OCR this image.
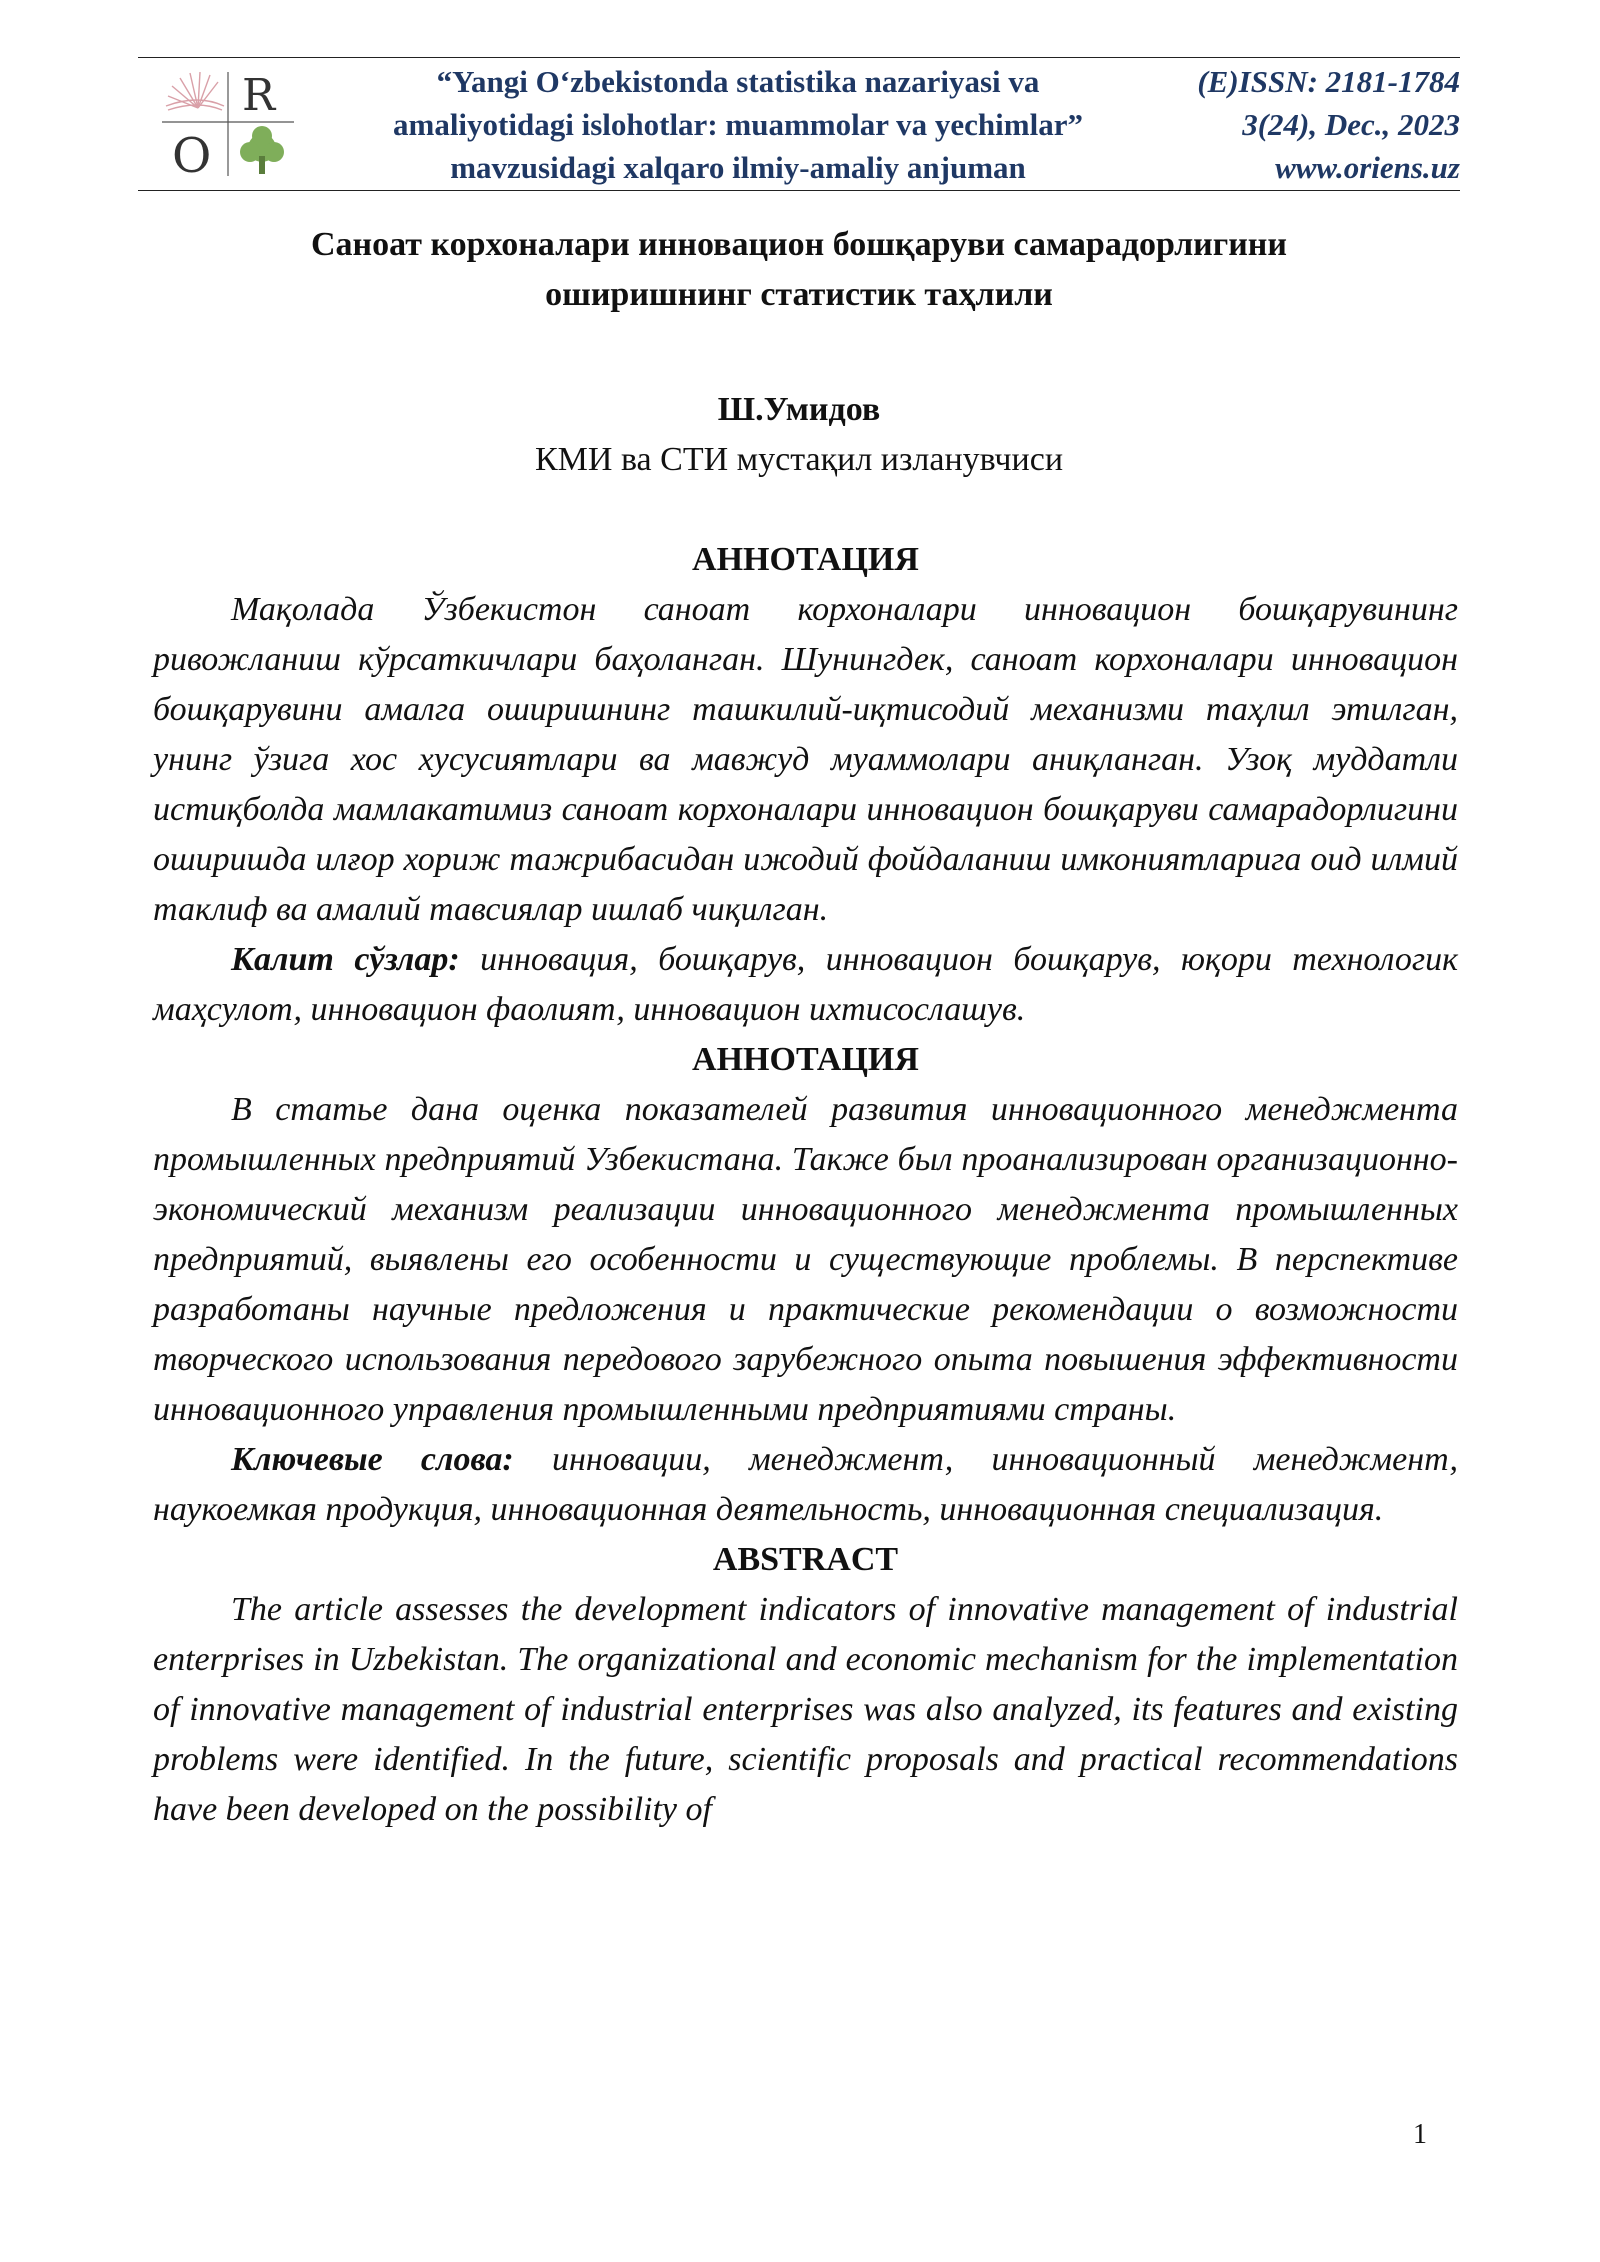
R
O
“Yangi O‘zbekistonda statistika nazariyasi va
amaliyotidagi islohotlar: muammolar va yechimlar”
mavzusidagi xalqaro ilmiy-amaliy anjuman
(E)ISSN: 2181-1784
3(24), Dec., 2023
www.oriens.uz
Саноат корхоналари инновацион бошқаруви самарадорлигини
оширишнинг статистик таҳлили
Ш.Умидов
КМИ ва СТИ мустақил изланувчиси

АННОТАЦИЯ

Мақолада Ўзбекистон саноат корхоналари инновацион бошқарувининг ривожланиш кўрсаткичлари баҳоланган. Шунингдек, саноат корхоналари инновацион бошқарувини амалга оширишнинг ташкилий-иқтисодий механизми таҳлил этилган, унинг ўзига хос хусусиятлари ва мавжуд муаммолари аниқланган. Узоқ муддатли истиқболда мамлакатимиз саноат корхоналари инновацион бошқаруви самарадорлигини оширишда илғор хориж тажрибасидан ижодий фойдаланиш имкониятларига оид илмий таклиф ва амалий тавсиялар ишлаб чиқилган.

Калит сўзлар: инновация, бошқарув, инновацион бошқарув, юқори технологик маҳсулот, инновацион фаолият, инновацион ихтисослашув.

АННОТАЦИЯ

В статье дана оценка показателей развития инновационного менеджмента промышленных предприятий Узбекистана. Также был проанализирован организационно-экономический механизм реализации инновационного менеджмента промышленных предприятий, выявлены его особенности и существующие проблемы. В перспективе разработаны научные предложения и практические рекомендации о возможности творческого использования передового зарубежного опыта повышения эффективности инновационного управления промышленными предприятиями страны.

Ключевые слова: инновации, менеджмент, инновационный менеджмент, наукоемкая продукция, инновационная деятельность, инновационная специализация.

ABSTRACT

The article assesses the development indicators of innovative management of industrial enterprises in Uzbekistan. The organizational and economic mechanism for the implementation of innovative management of industrial enterprises was also analyzed, its features and existing problems were identified. In the future, scientific proposals and practical recommendations have been developed on the possibility of

1
